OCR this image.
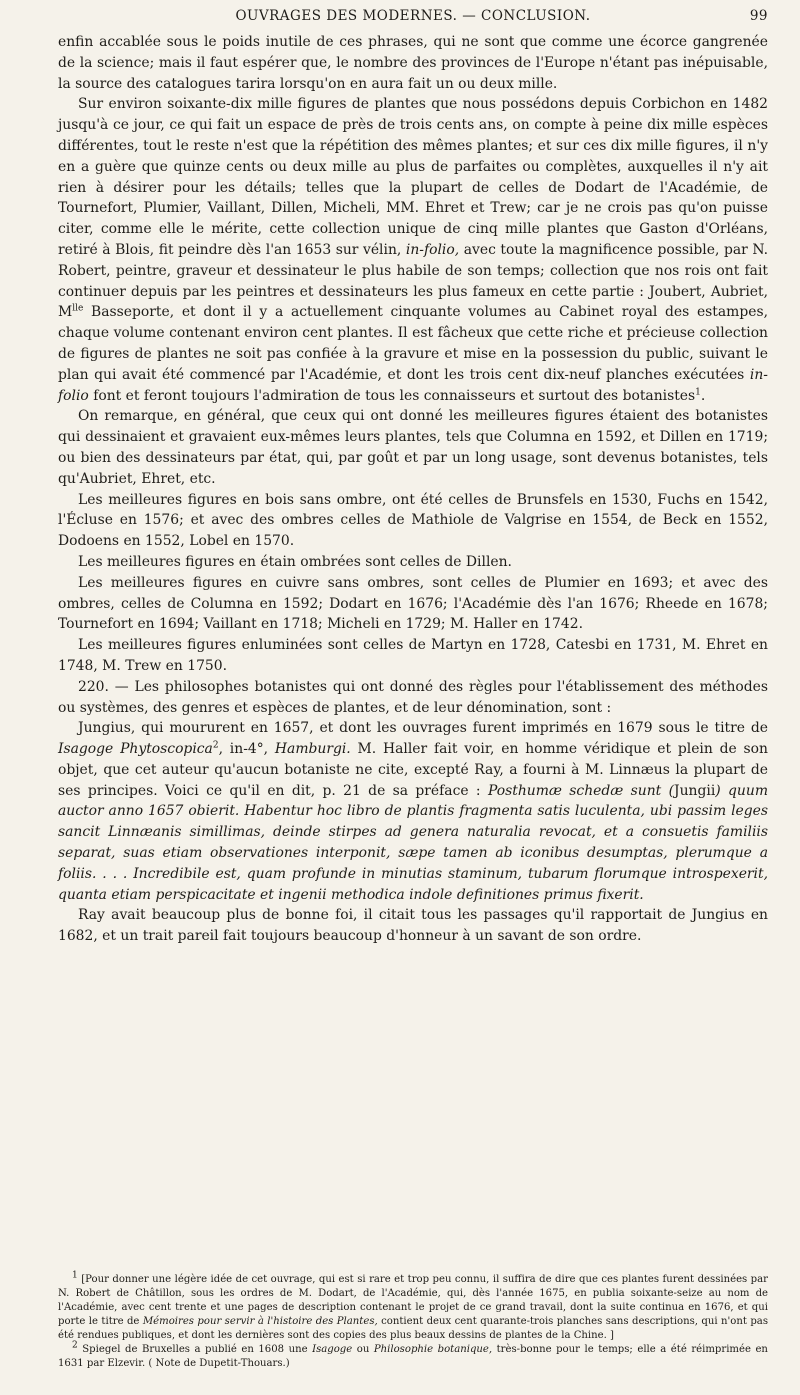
OUVRAGES DES MODERNES. — CONCLUSION.	99

enfin accablée sous le poids inutile de ces phrases, qui ne sont que comme une écorce gangrenée de la science; mais il faut espérer que, le nombre des provinces de l'Europe n'étant pas inépuisable, la source des catalogues tarira lorsqu'on en aura fait un ou deux mille.

Sur environ soixante-dix mille figures de plantes que nous possédons depuis Corbichon en 1482 jusqu'à ce jour, ce qui fait un espace de près de trois cents ans, on compte à peine dix mille espèces différentes, tout le reste n'est que la répétition des mêmes plantes; et sur ces dix mille figures, il n'y en a guère que quinze cents ou deux mille au plus de parfaites ou complètes, auxquelles il n'y ait rien à désirer pour les détails; telles que la plupart de celles de Dodart de l'Académie, de Tournefort, Plumier, Vaillant, Dillen, Micheli, MM. Ehret et Trew; car je ne crois pas qu'on puisse citer, comme elle le mérite, cette collection unique de cinq mille plantes que Gaston d'Orléans, retiré à Blois, fit peindre dès l'an 1653 sur vélin, in-folio, avec toute la magnificence possible, par N. Robert, peintre, graveur et dessinateur le plus habile de son temps; collection que nos rois ont fait continuer depuis par les peintres et dessinateurs les plus fameux en cette partie : Joubert, Aubriet, $M^{lle}$ Basseporte, et dont il y a actuellement cinquante volumes au Cabinet royal des estampes, chaque volume contenant environ cent plantes. Il est fâcheux que cette riche et précieuse collection de figures de plantes ne soit pas confiée à la gravure et mise en la possession du public, suivant le plan qui avait été commencé par l'Académie, et dont les trois cent dix-neuf planches exécutées in-folio font et feront toujours l'admiration de tous les connaisseurs et surtout des botanistes$^1$.

On remarque, en général, que ceux qui ont donné les meilleures figures étaient des botanistes qui dessinaient et gravaient eux-mêmes leurs plantes, tels que Columna en 1592, et Dillen en 1719; ou bien des dessinateurs par état, qui, par goût et par un long usage, sont devenus botanistes, tels qu'Aubriet, Ehret, etc.

Les meilleures figures en bois sans ombre, ont été celles de Brunsfels en 1530, Fuchs en 1542, l'Écluse en 1576; et avec des ombres celles de Mathiole de Valgrise en 1554, de Beck en 1552, Dodoens en 1552, Lobel en 1570.

Les meilleures figures en étain ombrées sont celles de Dillen.

Les meilleures figures en cuivre sans ombres, sont celles de Plumier en 1693; et avec des ombres, celles de Columna en 1592; Dodart en 1676; l'Académie dès l'an 1676; Rheede en 1678; Tournefort en 1694; Vaillant en 1718; Micheli en 1729; M. Haller en 1742.

Les meilleures figures enluminées sont celles de Martyn en 1728, Catesbi en 1731, M. Ehret en 1748, M. Trew en 1750.

220. — Les philosophes botanistes qui ont donné des règles pour l'établissement des méthodes ou systèmes, des genres et espèces de plantes, et de leur dénomination, sont :

Jungius, qui moururent en 1657, et dont les ouvrages furent imprimés en 1679 sous le titre de Isagoge Phytoscopica$^2$, in-4°, Hamburgi. M. Haller fait voir, en homme véridique et plein de son objet, que cet auteur qu'aucun botaniste ne cite, excepté Ray, a fourni à M. Linnæus la plupart de ses principes. Voici ce qu'il en dit, p. 21 de sa préface : Posthumæ schedæ sunt (Jungii) quum auctor anno 1657 obierit. Habentur hoc libro de plantis fragmenta satis luculenta, ubi passim leges sancit Linnæanis simillimas, deinde stirpes ad genera naturalia revocat, et a consuetis familiis separat, suas etiam observationes interponit, sæpe tamen ab iconibus desumptas, plerumque a foliis. . . . Incredibile est, quam profunde in minutias staminum, tubarum florumque introspexerit, quanta etiam perspicacitate et ingenii methodica indole definitiones primus fixerit.

Ray avait beaucoup plus de bonne foi, il citait tous les passages qu'il rapportait de Jungius en 1682, et un trait pareil fait toujours beaucoup d'honneur à un savant de son ordre.

$^1$ [Pour donner une légère idée de cet ouvrage, qui est si rare et trop peu connu, il suffira de dire que ces plantes furent dessinées par N. Robert de Châtillon, sous les ordres de M. Dodart, de l'Académie, qui, dès l'année 1675, en publia soixante-seize au nom de l'Académie, avec cent trente et une pages de description contenant le projet de ce grand travail, dont la suite continua en 1676, et qui porte le titre de Mémoires pour servir à l'histoire des Plantes, contient deux cent quarante-trois planches sans descriptions, qui n'ont pas été rendues publiques, et dont les dernières sont des copies des plus beaux dessins de plantes de la Chine. ]

$^2$ Spiegel de Bruxelles a publié en 1608 une Isagoge ou Philosophie botanique, très-bonne pour le temps; elle a été réimprimée en 1631 par Elzevir. ( Note de Dupetit-Thouars.)
